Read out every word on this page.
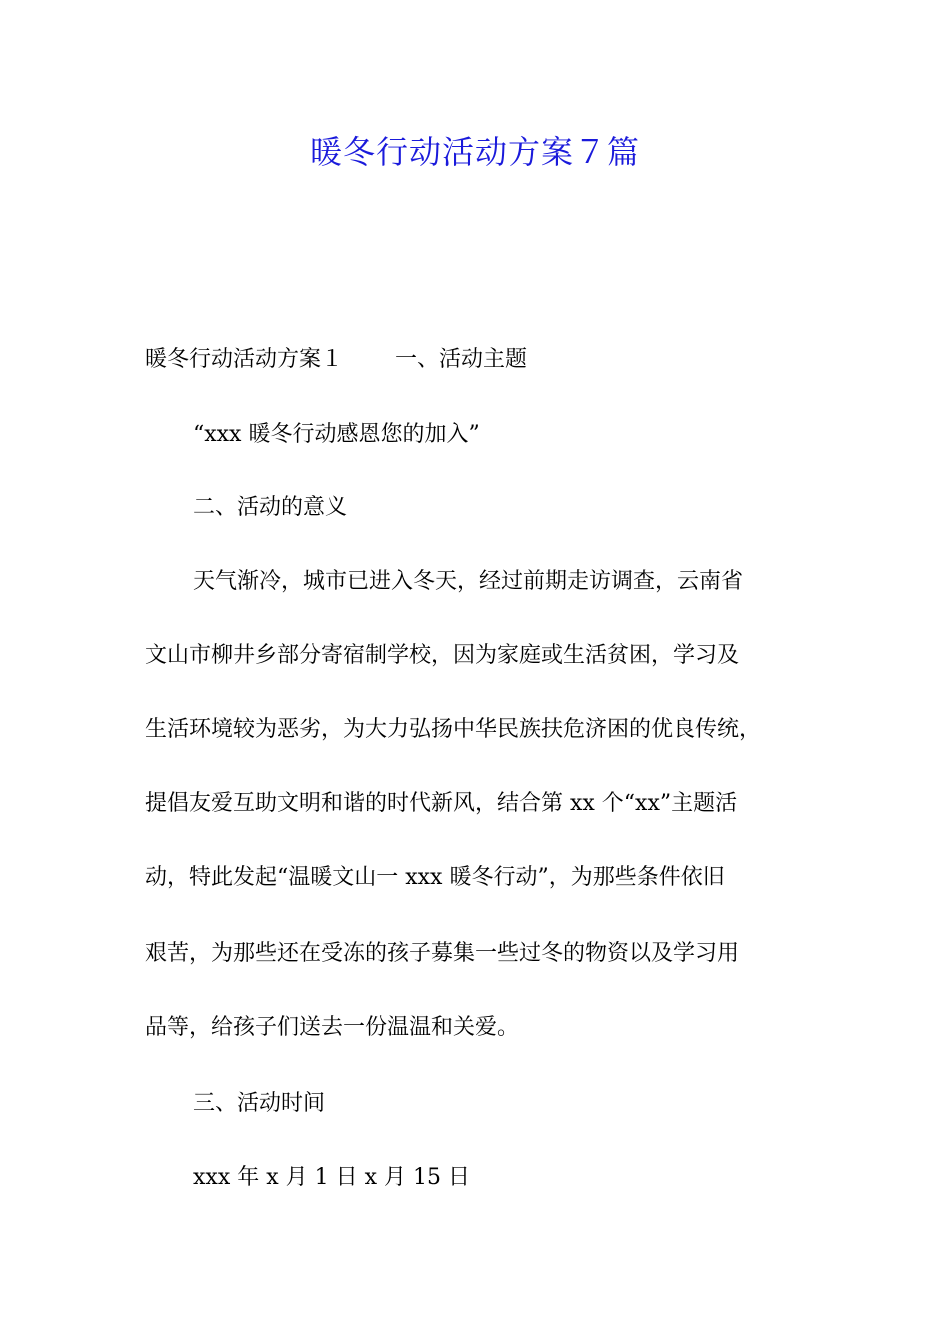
暖冬行动活动方案７篇
暖冬行动活动方案１ 一、活动主题
“xxx 暖冬行动感恩您的加入”
二、活动的意义
天气渐冷，城市已进入冬天，经过前期走访调查，云南省
文山市柳井乡部分寄宿制学校，因为家庭或生活贫困，学习及
生活环境较为恶劣，为大力弘扬中华民族扶危济困的优良传统，
提倡友爱互助文明和谐的时代新风，结合第 xx 个“xx”主题活
动，特此发起“温暖文山一 xxx 暖冬行动”，为那些条件依旧
艰苦，为那些还在受冻的孩子募集一些过冬的物资以及学习用
品等，给孩子们送去一份温温和关爱。
三、活动时间
xxx 年 x 月 1 日 x 月 15 日
